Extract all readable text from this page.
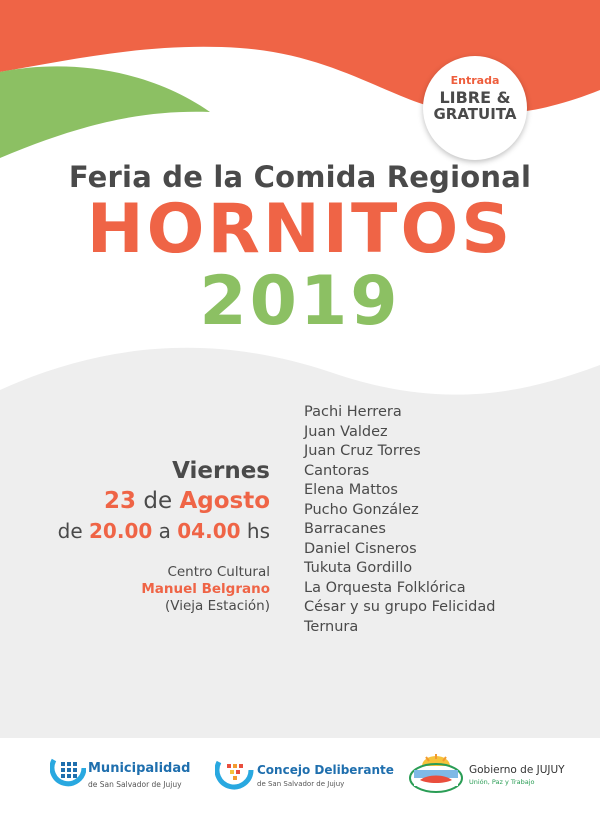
Entrada
LIBRE &
GRATUITA
Feria de la Comida Regional
HORNITOS
2019
Viernes
23 de Agosto
de 20.00 a 04.00 hs
Centro Cultural
Manuel Belgrano
(Vieja Estación)
Pachi Herrera
Juan Valdez
Juan Cruz Torres
Cantoras
Elena Mattos
Pucho González
Barracanes
Daniel Cisneros
Tukuta Gordillo
La Orquesta Folklórica
César y su grupo Felicidad
Ternura
Municipalidad
de San Salvador de Jujuy
Concejo Deliberante
de San Salvador de Jujuy
Gobierno de JUJUY
Unión, Paz y Trabajo
